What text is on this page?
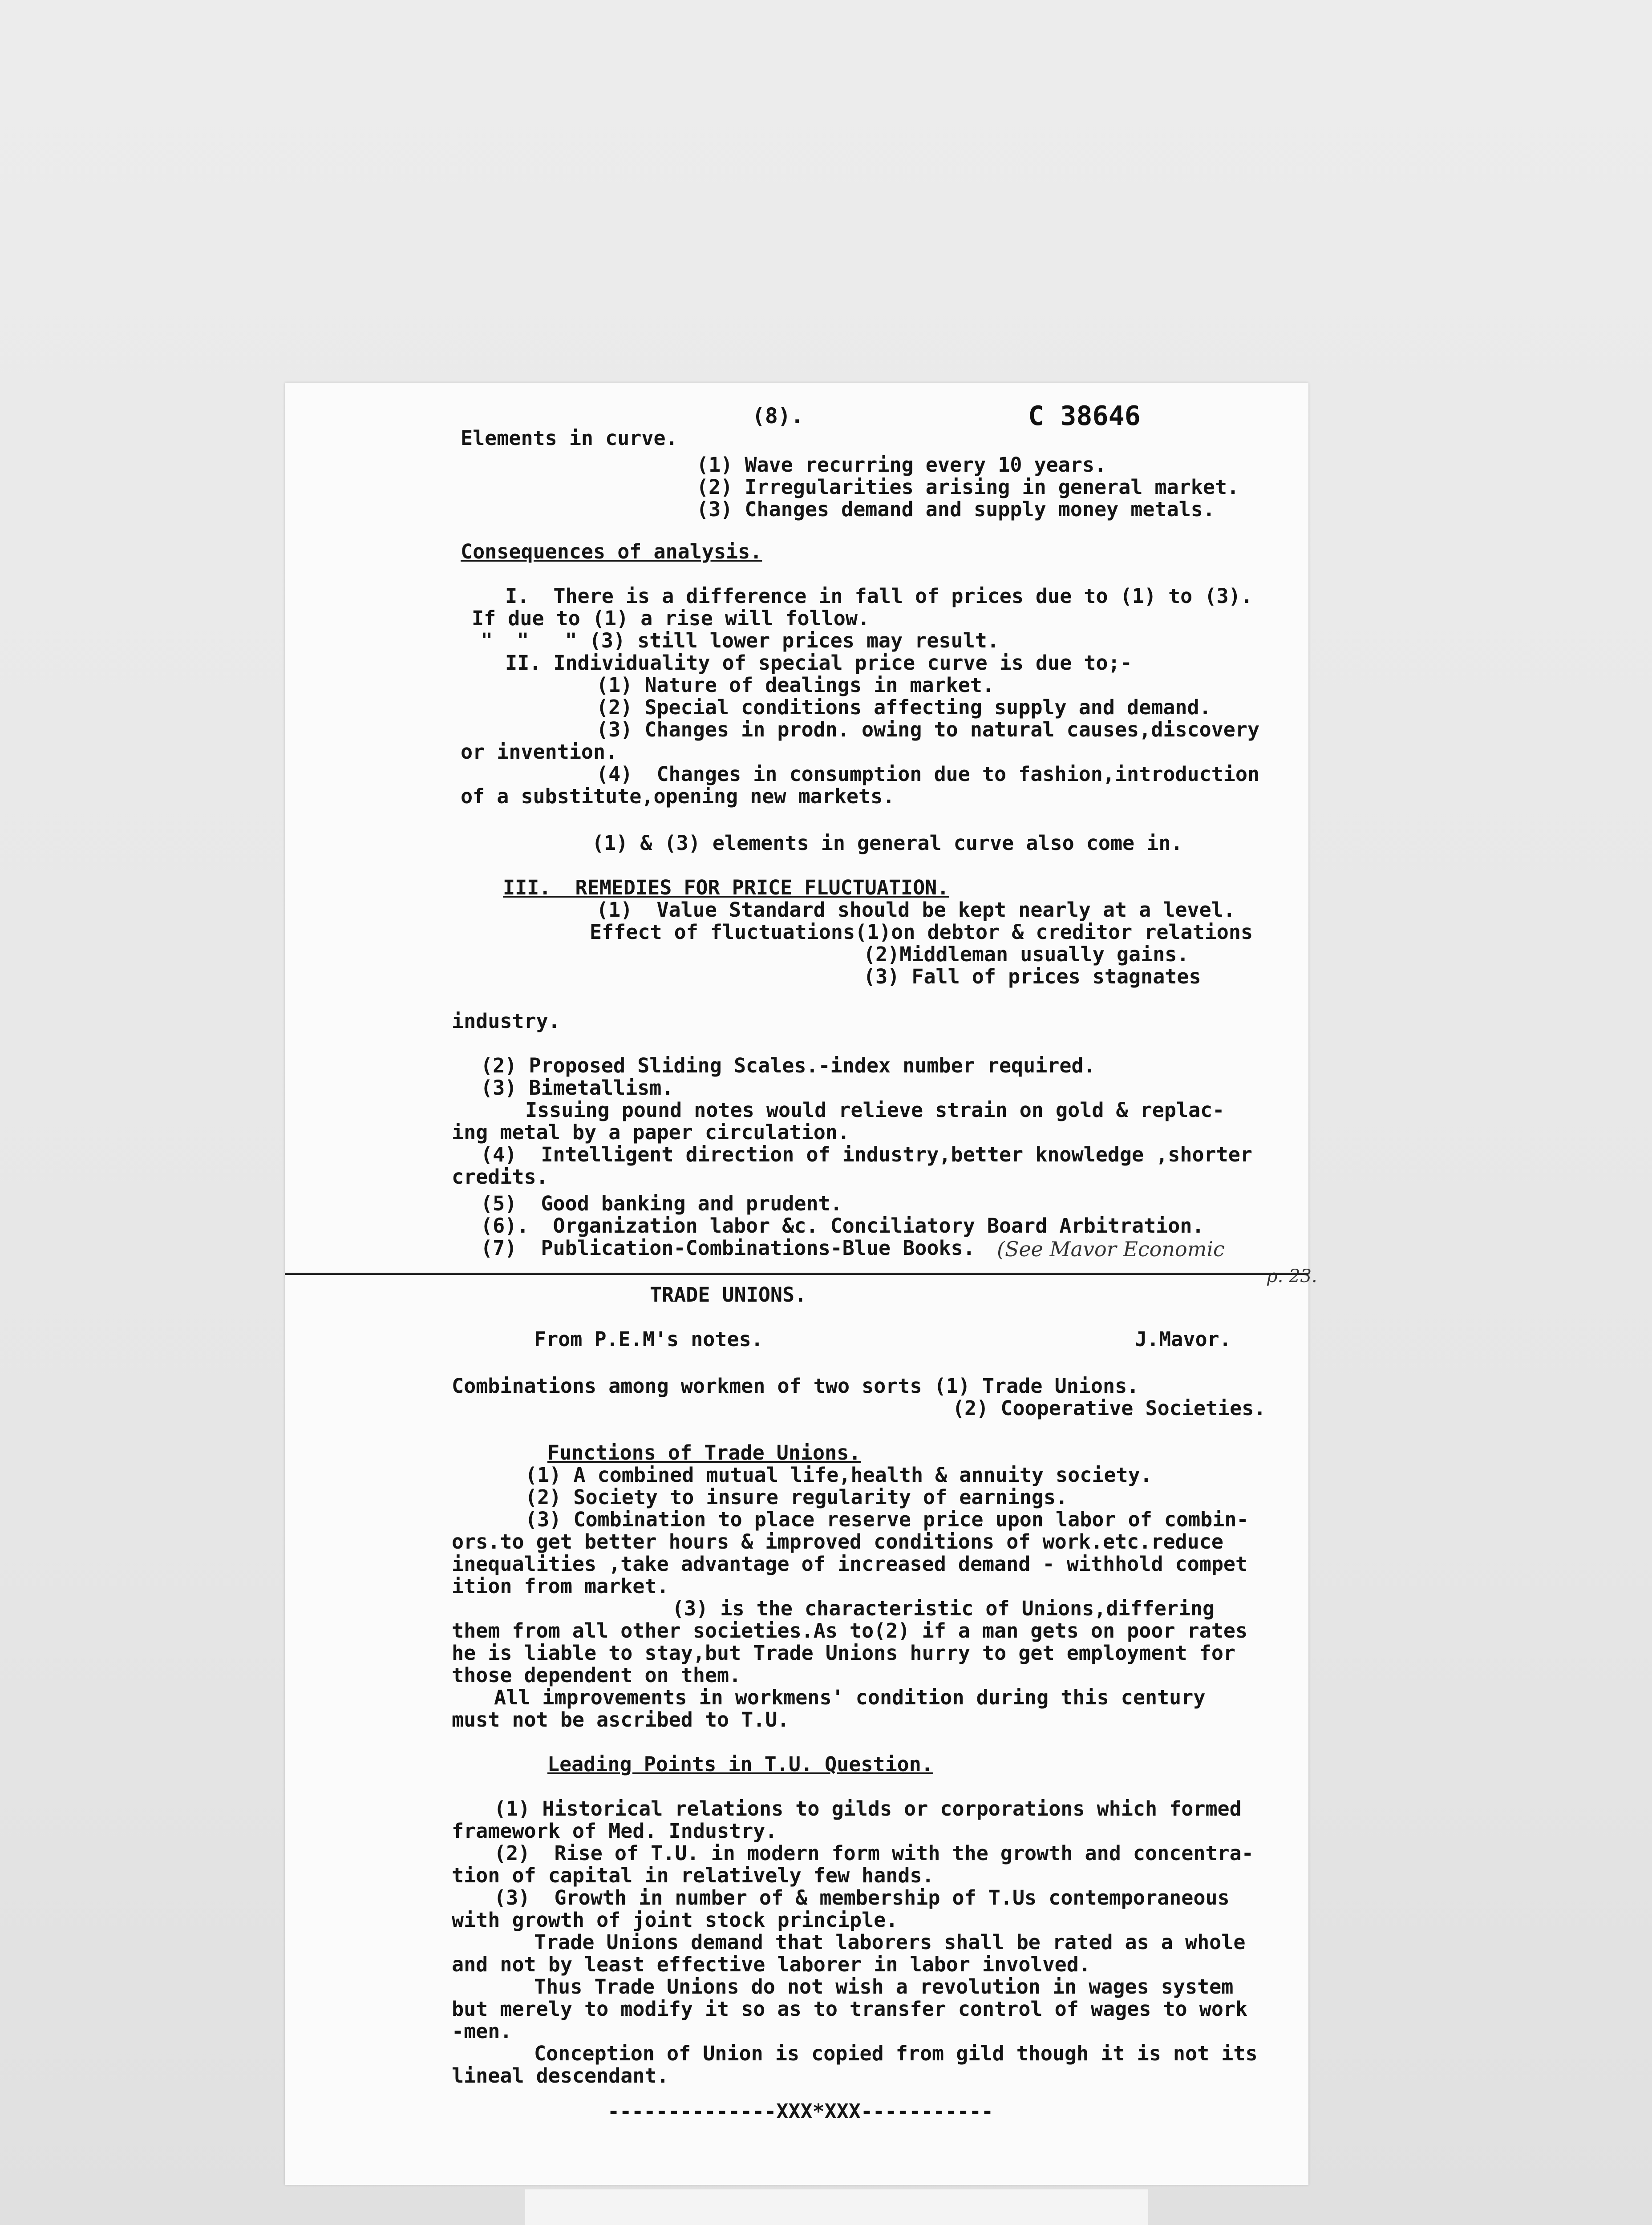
(8).	C 38646
Elements in curve.
(1) Wave recurring every 10 years.
(2) Irregularities arising in general market.
(3) Changes demand and supply money metals.
Consequences of analysis.
I.  There is a difference in fall of prices due to (1) to (3).
If due to (1) a rise will follow.
"  "   " (3) still lower prices may result.
II. Individuality of special price curve is due to;-
(1) Nature of dealings in market.
(2) Special conditions affecting supply and demand.
(3) Changes in prodn. owing to natural causes,discovery
or invention.
(4)  Changes in consumption due to fashion,introduction
of a substitute,opening new markets.
(1) & (3) elements in general curve also come in.
III.  REMEDIES FOR PRICE FLUCTUATION.
(1)  Value Standard should be kept nearly at a level.
Effect of fluctuations(1)on debtor & creditor relations
(2)Middleman usually gains.
(3) Fall of prices stagnates
industry.
(2) Proposed Sliding Scales.-index number required.
(3) Bimetallism.
Issuing pound notes would relieve strain on gold & replac-
ing metal by a paper circulation.
(4)  Intelligent direction of industry,better knowledge ,shorter
credits.
(5)  Good banking and prudent.
(6).  Organization labor &c. Conciliatory Board Arbitration.
(7)  Publication-Combinations-Blue Books. (See Mavor Economic
p. 23.
TRADE UNIONS.
From P.E.M's notes.	J.Mavor.
Combinations among workmen of two sorts (1) Trade Unions.
(2) Cooperative Societies.
Functions of Trade Unions.
(1) A combined mutual life,health & annuity society.
(2) Society to insure regularity of earnings.
(3) Combination to place reserve price upon labor of combin-
ors.to get better hours & improved conditions of work.etc.reduce
inequalities ,take advantage of increased demand - withhold compet
ition from market.
(3) is the characteristic of Unions,differing
them from all other societies.As to(2) if a man gets on poor rates
he is liable to stay,but Trade Unions hurry to get employment for
those dependent on them.
All improvements in workmens' condition during this century
must not be ascribed to T.U.
Leading Points in T.U. Question.
(1) Historical relations to gilds or corporations which formed
framework of Med. Industry.
(2)  Rise of T.U. in modern form with the growth and concentra-
tion of capital in relatively few hands.
(3)  Growth in number of & membership of T.Us contemporaneous
with growth of joint stock principle.
Trade Unions demand that laborers shall be rated as a whole
and not by least effective laborer in labor involved.
Thus Trade Unions do not wish a revolution in wages system
but merely to modify it so as to transfer control of wages to work
-men.
Conception of Union is copied from gild though it is not its
lineal descendant.
--------------XXX*XXX-----------
